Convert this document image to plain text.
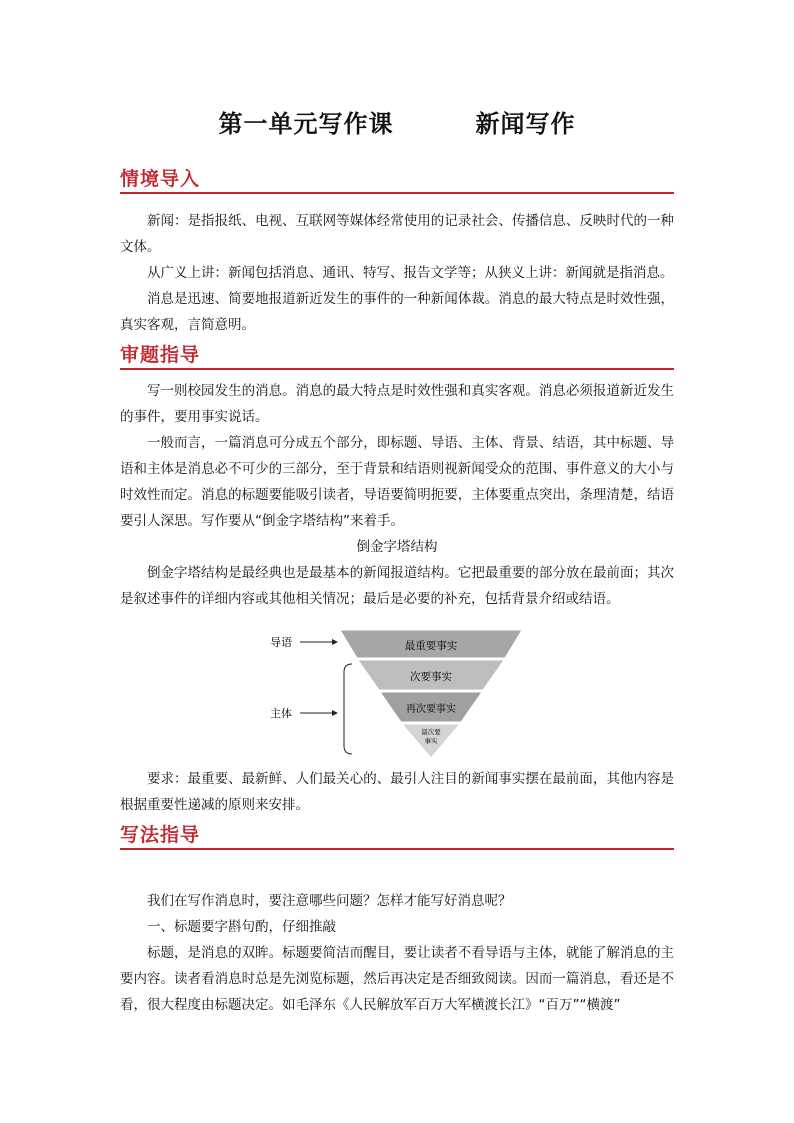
第一单元写作课	新闻写作
情境导入

新闻：是指报纸、电视、互联网等媒体经常使用的记录社会、传播信息、反映时代的一种文体。

从广义上讲：新闻包括消息、通讯、特写、报告文学等；从狭义上讲：新闻就是指消息。

消息是迅速、简要地报道新近发生的事件的一种新闻体裁。消息的最大特点是时效性强，真实客观，言简意明。

审题指导

写一则校园发生的消息。消息的最大特点是时效性强和真实客观。消息必须报道新近发生的事件，要用事实说话。

一般而言，一篇消息可分成五个部分，即标题、导语、主体、背景、结语，其中标题、导语和主体是消息必不可少的三部分，至于背景和结语则视新闻受众的范围、事件意义的大小与时效性而定。消息的标题要能吸引读者，导语要简明扼要，主体要重点突出，条理清楚，结语要引人深思。写作要从“倒金字塔结构”来着手。

倒金字塔结构

倒金字塔结构是最经典也是最基本的新闻报道结构。它把最重要的部分放在最前面；其次是叙述事件的详细内容或其他相关情况；最后是必要的补充，包括背景介绍或结语。

导语
主体
最重要事实
次要事实
再次要事实
最次要
事实

要求：最重要、最新鲜、人们最关心的、最引人注目的新闻事实摆在最前面，其他内容是根据重要性递减的原则来安排。

写法指导

我们在写作消息时，要注意哪些问题？怎样才能写好消息呢？

一、标题要字斟句酌，仔细推敲

标题，是消息的双眸。标题要简洁而醒目，要让读者不看导语与主体，就能了解消息的主要内容。读者看消息时总是先浏览标题，然后再决定是否细致阅读。因而一篇消息，看还是不看，很大程度由标题决定。如毛泽东《人民解放军百万大军横渡长江》“百万”“横渡”
